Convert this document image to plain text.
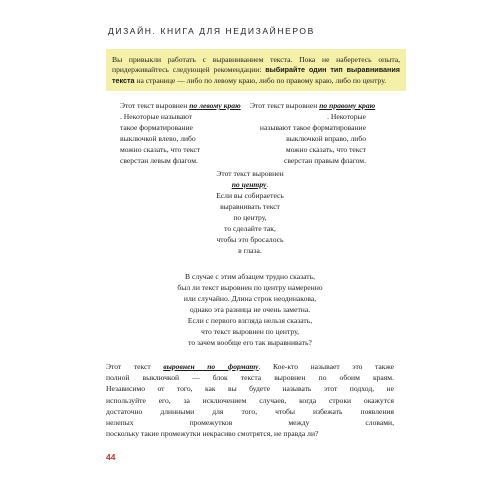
ДИЗАЙН. КНИГА ДЛЯ НЕДИЗАЙНЕРОВ
Вы привыкли работать с выравниванием текста. Пока не наберетесь опыта, придерживайтесь следующей рекомендации: выбирайте один тип выравнивания текста на странице — либо по левому краю, либо по правому краю, либо по центру.
Этот текст выровнен по левому краю
. Некоторые называют
такое форматирование
выключкой влево, либо
можно сказать, что текст
сверстан левым флагом.
Этот текст выровнен по правому краю
. Некоторые
называют такое форматирование
выключкой вправо, либо
можно сказать, что текст
сверстан правым флагом.
Этот текст выровнен
по центру.
Если вы собираетесь
выравнивать текст
по центру,
то сделайте так,
чтобы это бросалось
в глаза.
В случае с этим абзацем трудно сказать,
был ли текст выровнен по центру намеренно
или случайно. Длина строк неодинакова,
однако эта разница не очень заметна.
Если с первого взгляда нельзя сказать,
что текст выровнен по центру,
то зачем вообще его так выравнивать?
Этот текст выровнен по формату. Кое-кто называет это также
полной выключкой — блок текста выровнен по обоим краям.
Независимо от того, как вы будете называть этот подход, не
используйте его, за исключением случаев, когда строки окажутся
достаточно длинными для того, чтобы избежать появления
нелепых промежутков между словами,
поскольку такие промежутки некрасиво смотрятся, не правда ли?
44
